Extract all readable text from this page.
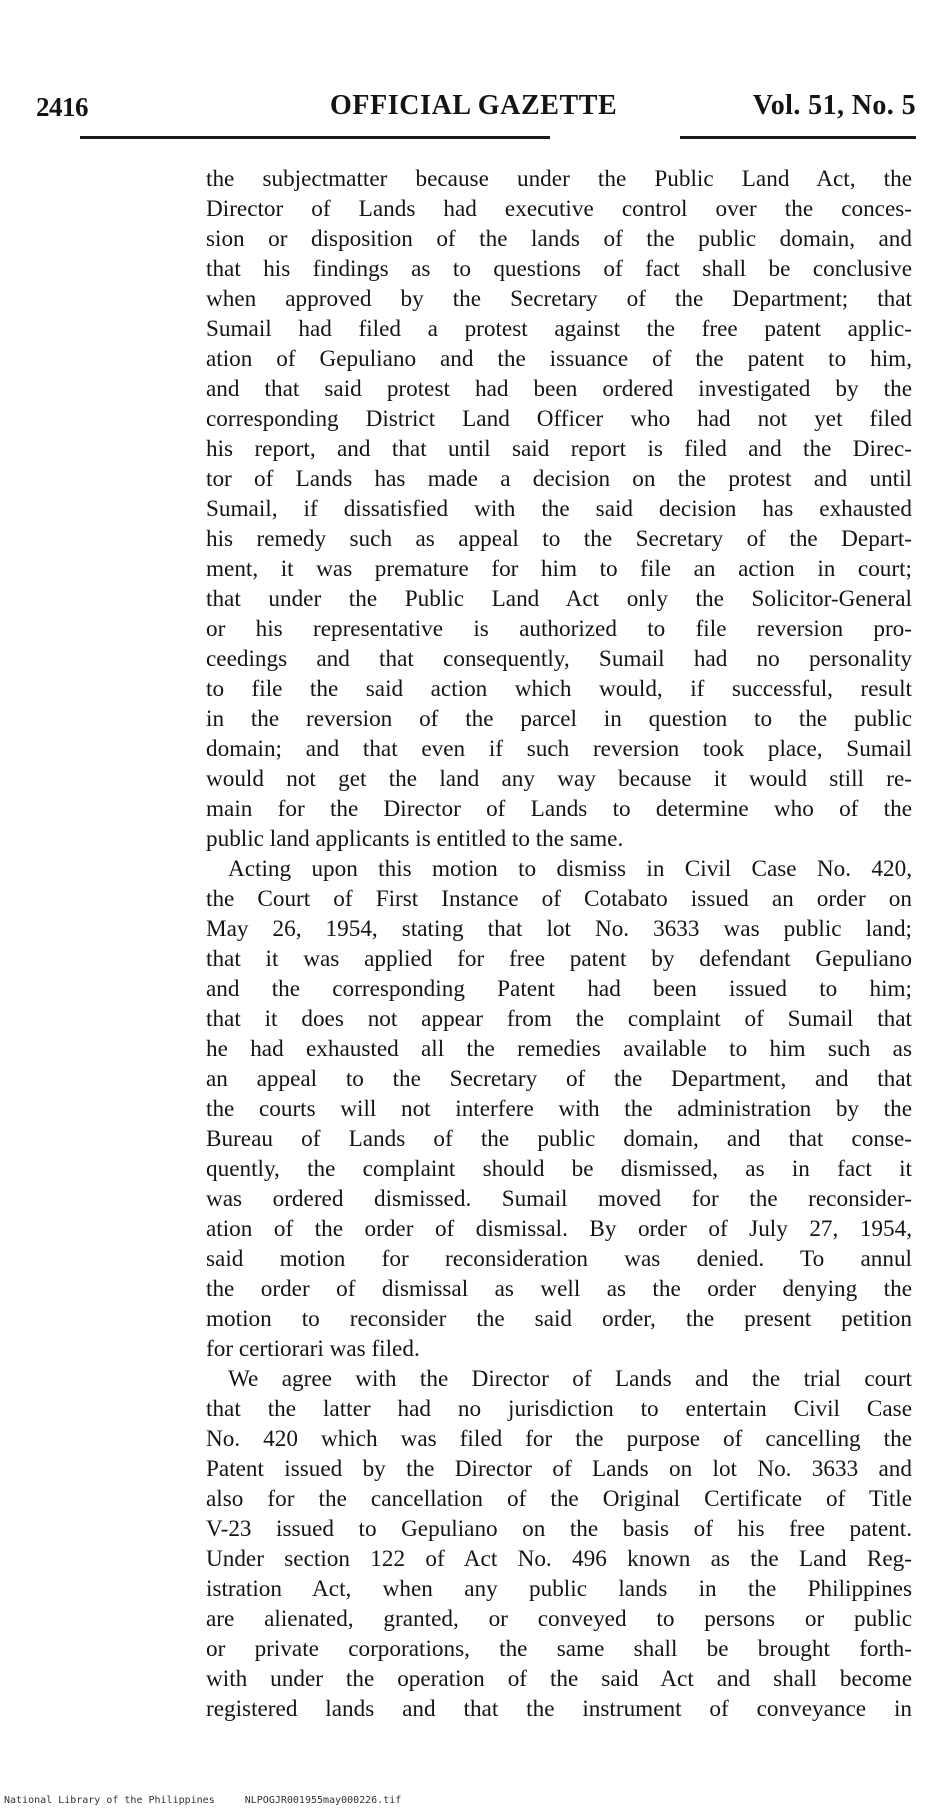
2416	OFFICIAL GAZETTE	Vol. 51, No. 5
the subjectmatter because under the Public Land Act, the
Director of Lands had executive control over the conces-
sion or disposition of the lands of the public domain, and
that his findings as to questions of fact shall be conclusive
when approved by the Secretary of the Department; that
Sumail had filed a protest against the free patent applic-
ation of Gepuliano and the issuance of the patent to him,
and that said protest had been ordered investigated by the
corresponding District Land Officer who had not yet filed
his report, and that until said report is filed and the Direc-
tor of Lands has made a decision on the protest and until
Sumail, if dissatisfied with the said decision has exhausted
his remedy such as appeal to the Secretary of the Depart-
ment, it was premature for him to file an action in court;
that under the Public Land Act only the Solicitor-General
or his representative is authorized to file reversion pro-
ceedings and that consequently, Sumail had no personality
to file the said action which would, if successful, result
in the reversion of the parcel in question to the public
domain; and that even if such reversion took place, Sumail
would not get the land any way because it would still re-
main for the Director of Lands to determine who of the
public land applicants is entitled to the same.
Acting upon this motion to dismiss in Civil Case No. 420,
the Court of First Instance of Cotabato issued an order on
May 26, 1954, stating that lot No. 3633 was public land;
that it was applied for free patent by defendant Gepuliano
and the corresponding Patent had been issued to him;
that it does not appear from the complaint of Sumail that
he had exhausted all the remedies available to him such as
an appeal to the Secretary of the Department, and that
the courts will not interfere with the administration by the
Bureau of Lands of the public domain, and that conse-
quently, the complaint should be dismissed, as in fact it
was ordered dismissed. Sumail moved for the reconsider-
ation of the order of dismissal. By order of July 27, 1954,
said motion for reconsideration was denied. To annul
the order of dismissal as well as the order denying the
motion to reconsider the said order, the present petition
for certiorari was filed.
We agree with the Director of Lands and the trial court
that the latter had no jurisdiction to entertain Civil Case
No. 420 which was filed for the purpose of cancelling the
Patent issued by the Director of Lands on lot No. 3633 and
also for the cancellation of the Original Certificate of Title
V-23 issued to Gepuliano on the basis of his free patent.
Under section 122 of Act No. 496 known as the Land Reg-
istration Act, when any public lands in the Philippines
are alienated, granted, or conveyed to persons or public
or private corporations, the same shall be brought forth-
with under the operation of the said Act and shall become
registered lands and that the instrument of conveyance in
National Library of the Philippines	NLPOGJR001955may000226.tif
